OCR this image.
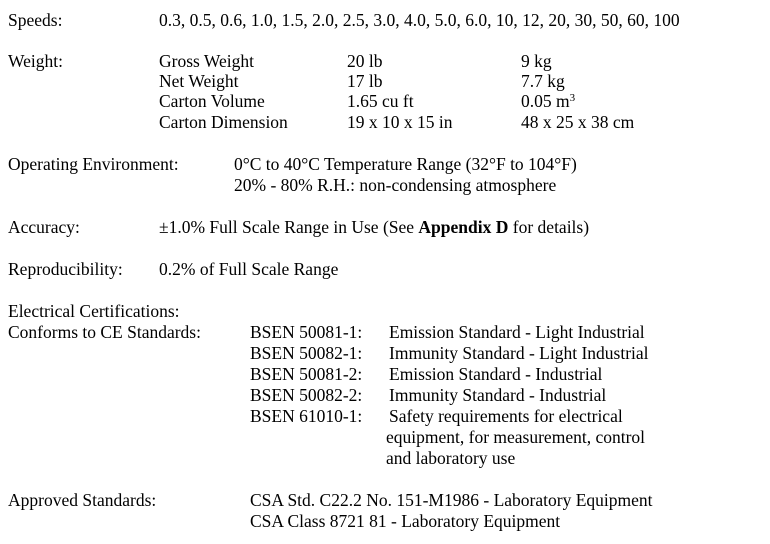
Speeds:	0.3, 0.5, 0.6, 1.0, 1.5, 2.0, 2.5, 3.0, 4.0, 5.0, 6.0, 10, 12, 20, 30, 50, 60, 100
Weight:	Gross Weight	20 lb	9 kg
Net Weight	17 lb	7.7 kg
Carton Volume	1.65 cu ft	0.05 $m^3$
Carton Dimension	19 x 10 x 15 in	48 x 25 x 38 cm
Operating Environment:	0°C to 40°C Temperature Range (32°F to 104°F)
20% - 80% R.H.: non-condensing atmosphere
Accuracy:	±1.0% Full Scale Range in Use (See Appendix D for details)
Reproducibility: 0.2% of Full Scale Range
Electrical Certifications:
Conforms to CE Standards:	BSEN 50081-1: Emission Standard - Light Industrial
BSEN 50082-1: Immunity Standard - Light Industrial
BSEN 50081-2: Emission Standard - Industrial
BSEN 50082-2: Immunity Standard - Industrial
BSEN 61010-1: Safety requirements for electrical
equipment, for measurement, control
and laboratory use
Approved Standards:	CSA Std. C22.2 No. 151-M1986 - Laboratory Equipment
CSA Class 8721 81 - Laboratory Equipment
